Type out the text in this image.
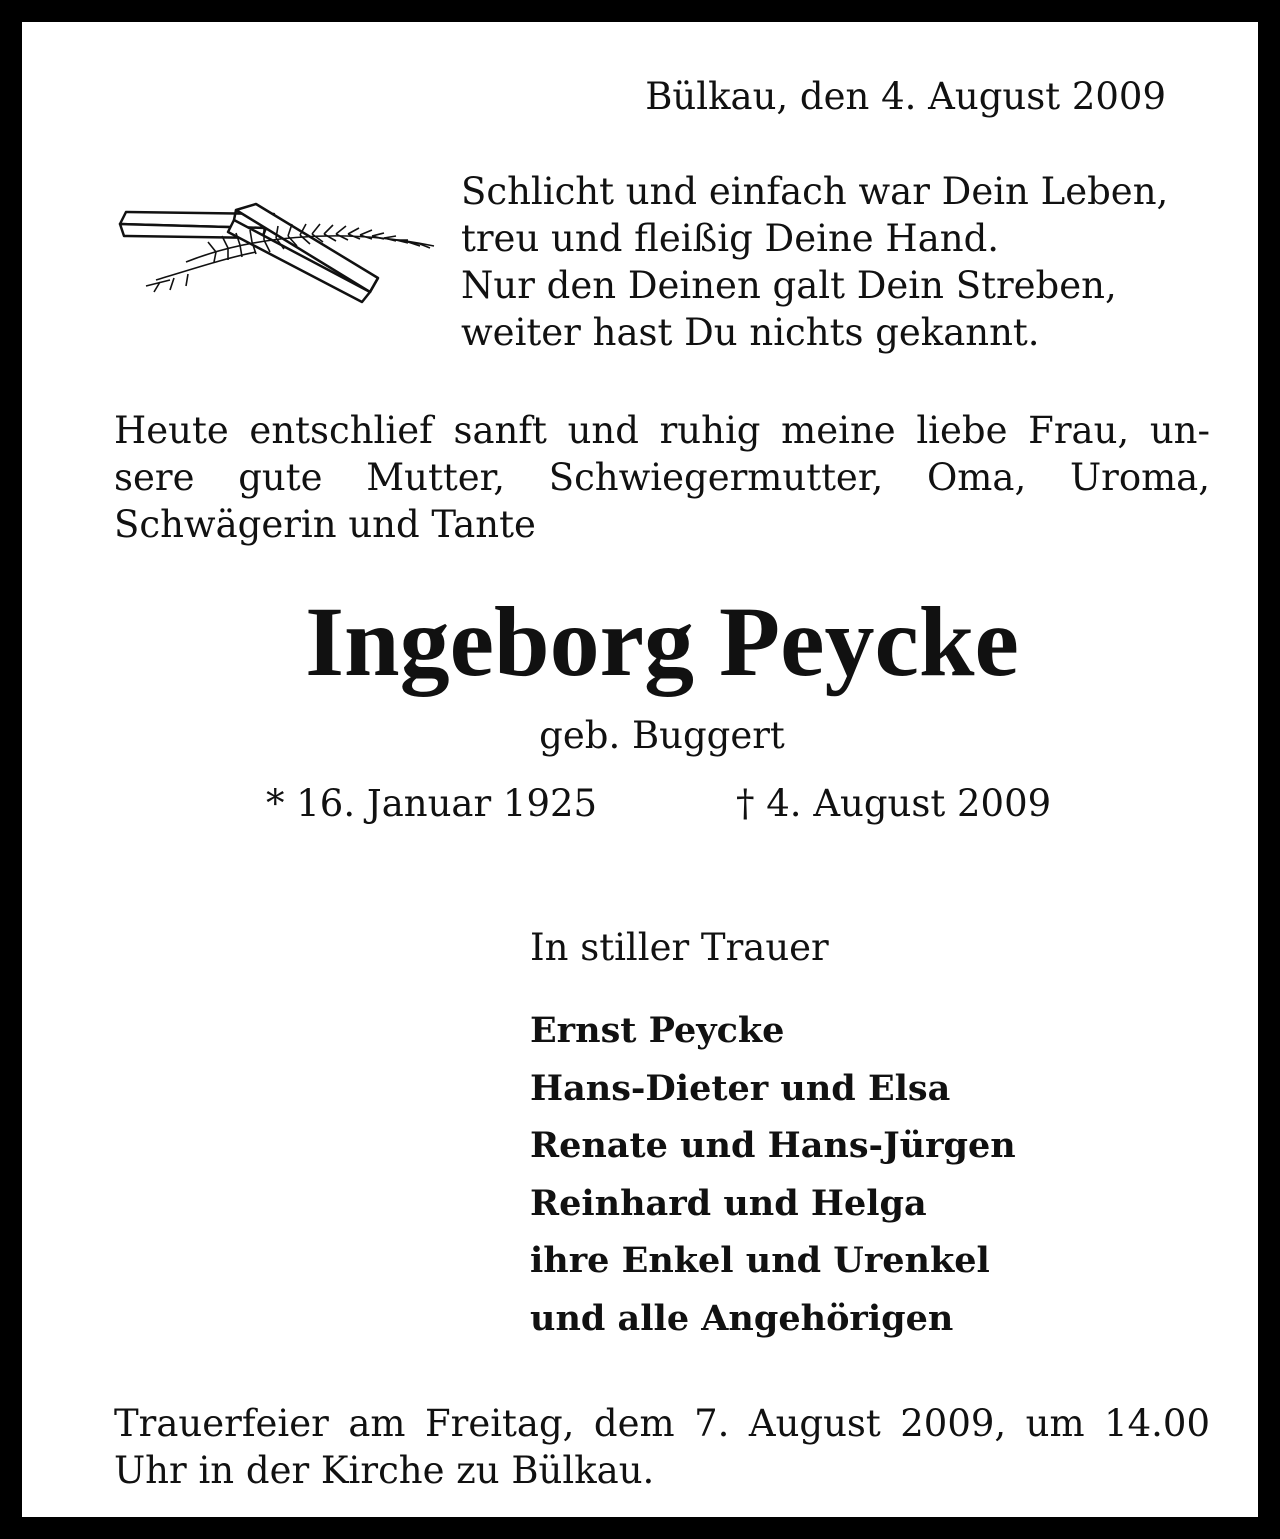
Bülkau, den 4. August 2009
Schlicht und einfach war Dein Leben,
treu und fleißig Deine Hand.
Nur den Deinen galt Dein Streben,
weiter hast Du nichts gekannt.
Heute entschlief sanft und ruhig meine liebe Frau, un-
sere gute Mutter, Schwiegermutter, Oma, Uroma,
Schwägerin und Tante
Ingeborg Peycke
geb. Buggert
* 16. Januar 1925	† 4. August 2009
In stiller Trauer
Ernst Peycke
Hans-Dieter und Elsa
Renate und Hans-Jürgen
Reinhard und Helga
ihre Enkel und Urenkel
und alle Angehörigen
Trauerfeier am Freitag, dem 7. August 2009, um 14.00
Uhr in der Kirche zu Bülkau.
